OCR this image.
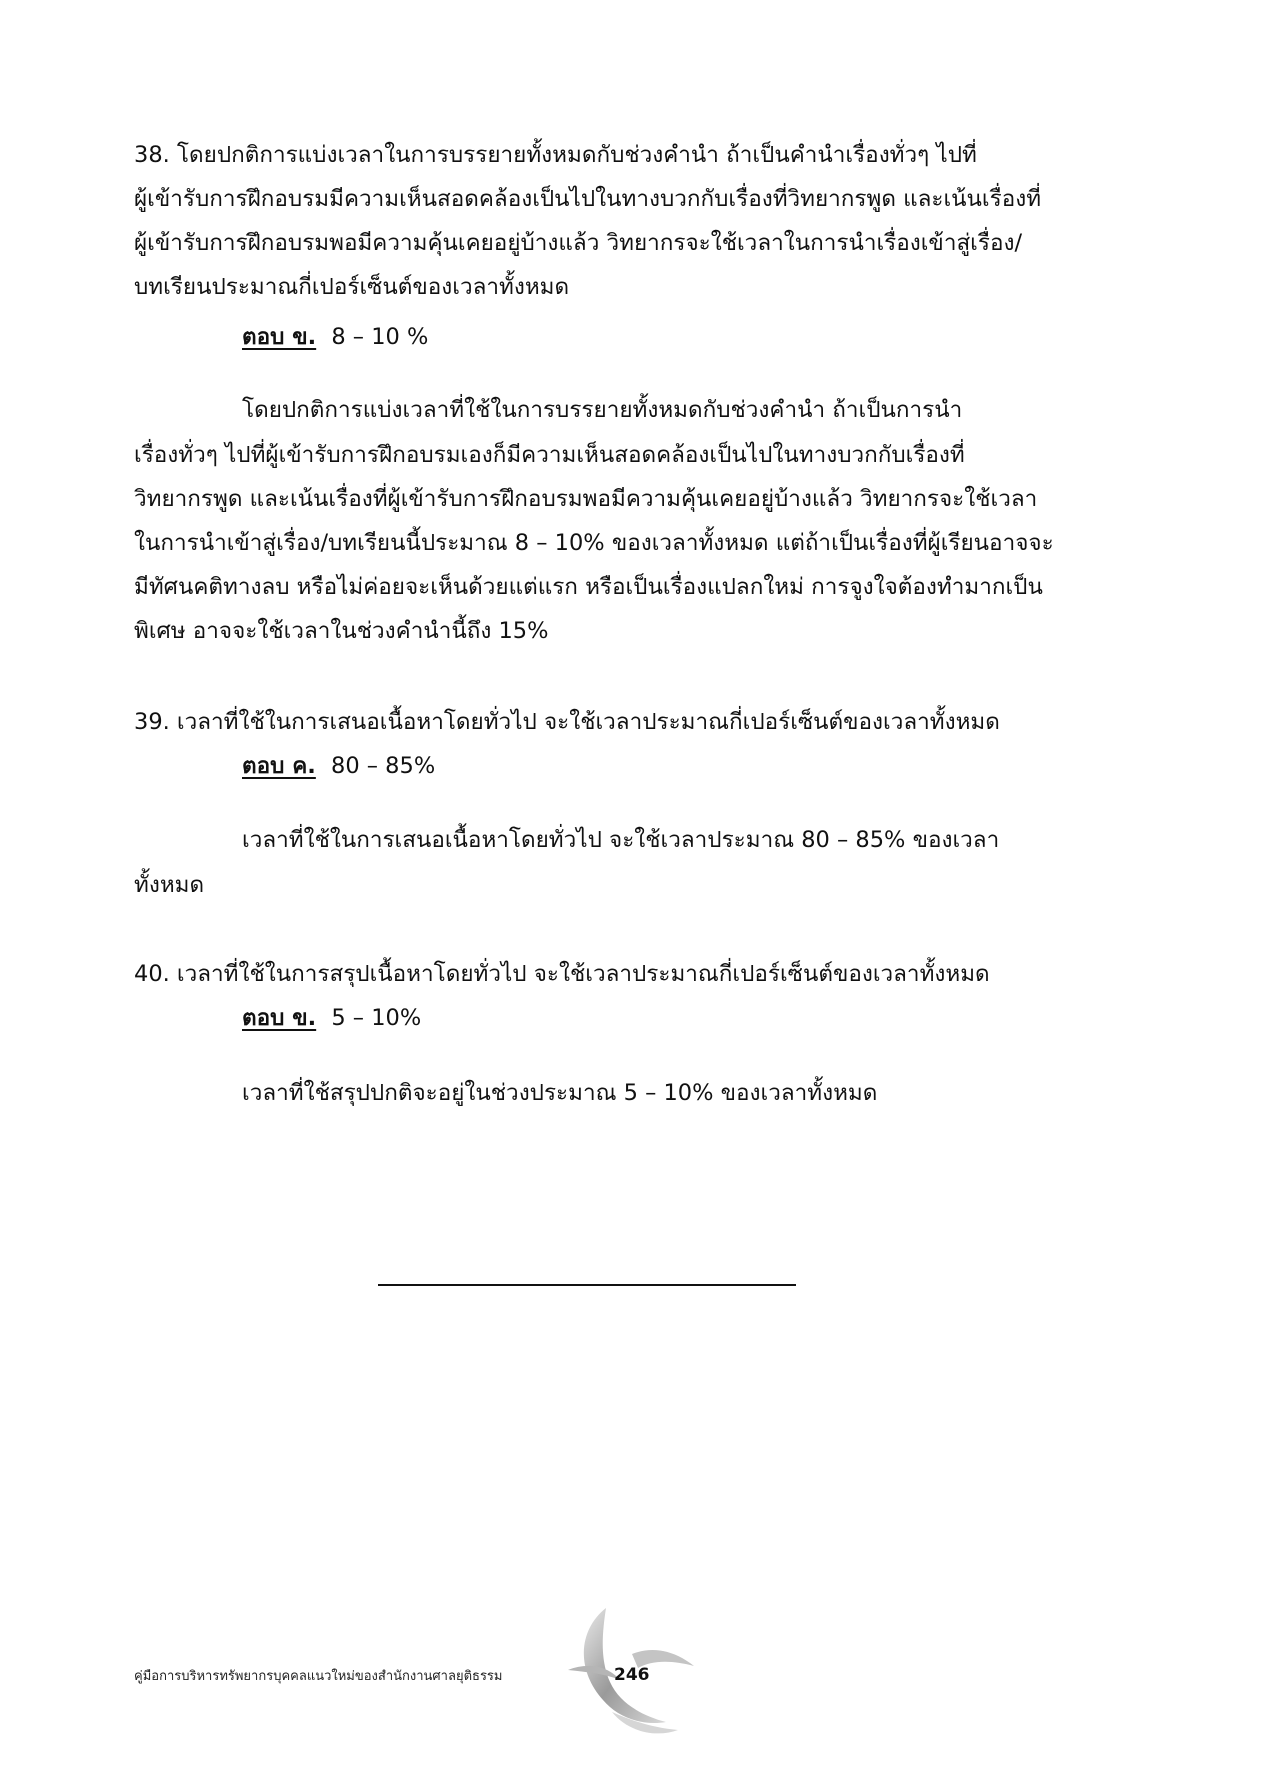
38. โดยปกติการแบ่งเวลาในการบรรยายทั้งหมดกับช่วงคำนำ ถ้าเป็นคำนำเรื่องทั่วๆ ไปที่
ผู้เข้ารับการฝึกอบรมมีความเห็นสอดคล้องเป็นไปในทางบวกกับเรื่องที่วิทยากรพูด และเน้นเรื่องที่
ผู้เข้ารับการฝึกอบรมพอมีความคุ้นเคยอยู่บ้างแล้ว วิทยากรจะใช้เวลาในการนำเรื่องเข้าสู่เรื่อง/
บทเรียนประมาณกี่เปอร์เซ็นต์ของเวลาทั้งหมด
ตอบ ข. 8 – 10 %
โดยปกติการแบ่งเวลาที่ใช้ในการบรรยายทั้งหมดกับช่วงคำนำ ถ้าเป็นการนำ
เรื่องทั่วๆ ไปที่ผู้เข้ารับการฝึกอบรมเองก็มีความเห็นสอดคล้องเป็นไปในทางบวกกับเรื่องที่
วิทยากรพูด และเน้นเรื่องที่ผู้เข้ารับการฝึกอบรมพอมีความคุ้นเคยอยู่บ้างแล้ว วิทยากรจะใช้เวลา
ในการนำเข้าสู่เรื่อง/บทเรียนนี้ประมาณ 8 – 10% ของเวลาทั้งหมด แต่ถ้าเป็นเรื่องที่ผู้เรียนอาจจะ
มีทัศนคติทางลบ หรือไม่ค่อยจะเห็นด้วยแต่แรก หรือเป็นเรื่องแปลกใหม่ การจูงใจต้องทำมากเป็น
พิเศษ อาจจะใช้เวลาในช่วงคำนำนี้ถึง 15%
39. เวลาที่ใช้ในการเสนอเนื้อหาโดยทั่วไป จะใช้เวลาประมาณกี่เปอร์เซ็นต์ของเวลาทั้งหมด
ตอบ ค. 80 – 85%
เวลาที่ใช้ในการเสนอเนื้อหาโดยทั่วไป จะใช้เวลาประมาณ 80 – 85% ของเวลา
ทั้งหมด
40. เวลาที่ใช้ในการสรุปเนื้อหาโดยทั่วไป จะใช้เวลาประมาณกี่เปอร์เซ็นต์ของเวลาทั้งหมด
ตอบ ข. 5 – 10%
เวลาที่ใช้สรุปปกติจะอยู่ในช่วงประมาณ 5 – 10% ของเวลาทั้งหมด
คู่มือการบริหารทรัพยากรบุคคลแนวใหม่ของสำนักงานศาลยุติธรรม	246
